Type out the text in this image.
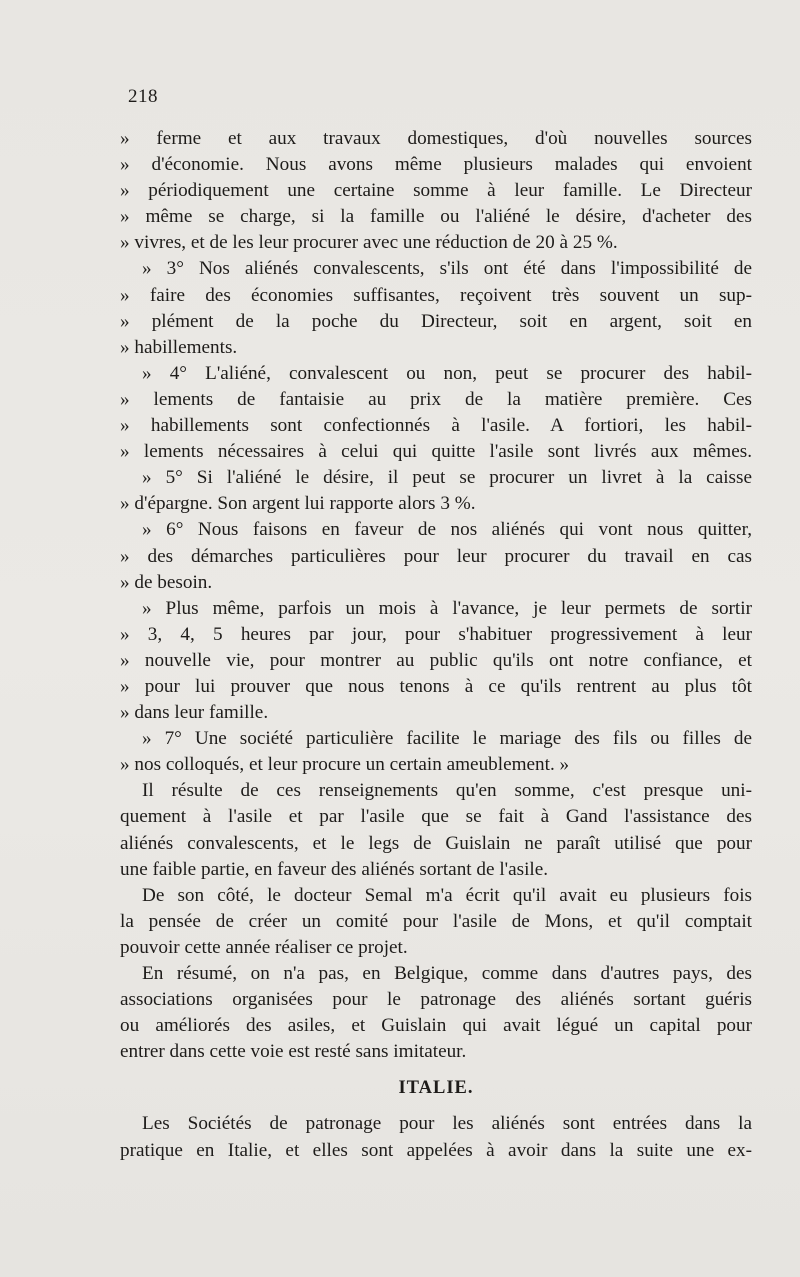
218
» ferme et aux travaux domestiques, d'où nouvelles sources
» d'économie. Nous avons même plusieurs malades qui envoient
» périodiquement une certaine somme à leur famille. Le Directeur
» même se charge, si la famille ou l'aliéné le désire, d'acheter des
» vivres, et de les leur procurer avec une réduction de 20 à 25 %.
» 3° Nos aliénés convalescents, s'ils ont été dans l'impossibilité de
» faire des économies suffisantes, reçoivent très souvent un sup-
» plément de la poche du Directeur, soit en argent, soit en
» habillements.
» 4° L'aliéné, convalescent ou non, peut se procurer des habil-
» lements de fantaisie au prix de la matière première. Ces
» habillements sont confectionnés à l'asile. A fortiori, les habil-
» lements nécessaires à celui qui quitte l'asile sont livrés aux mêmes.
» 5° Si l'aliéné le désire, il peut se procurer un livret à la caisse
» d'épargne. Son argent lui rapporte alors 3 %.
» 6° Nous faisons en faveur de nos aliénés qui vont nous quitter,
» des démarches particulières pour leur procurer du travail en cas
» de besoin.
» Plus même, parfois un mois à l'avance, je leur permets de sortir
» 3, 4, 5 heures par jour, pour s'habituer progressivement à leur
» nouvelle vie, pour montrer au public qu'ils ont notre confiance, et
» pour lui prouver que nous tenons à ce qu'ils rentrent au plus tôt
» dans leur famille.
» 7° Une société particulière facilite le mariage des fils ou filles de
» nos colloqués, et leur procure un certain ameublement. »
Il résulte de ces renseignements qu'en somme, c'est presque uni-
quement à l'asile et par l'asile que se fait à Gand l'assistance des
aliénés convalescents, et le legs de Guislain ne paraît utilisé que pour
une faible partie, en faveur des aliénés sortant de l'asile.
De son côté, le docteur Semal m'a écrit qu'il avait eu plusieurs fois
la pensée de créer un comité pour l'asile de Mons, et qu'il comptait
pouvoir cette année réaliser ce projet.
En résumé, on n'a pas, en Belgique, comme dans d'autres pays, des
associations organisées pour le patronage des aliénés sortant guéris
ou améliorés des asiles, et Guislain qui avait légué un capital pour
entrer dans cette voie est resté sans imitateur.
ITALIE.
Les Sociétés de patronage pour les aliénés sont entrées dans la
pratique en Italie, et elles sont appelées à avoir dans la suite une ex-
